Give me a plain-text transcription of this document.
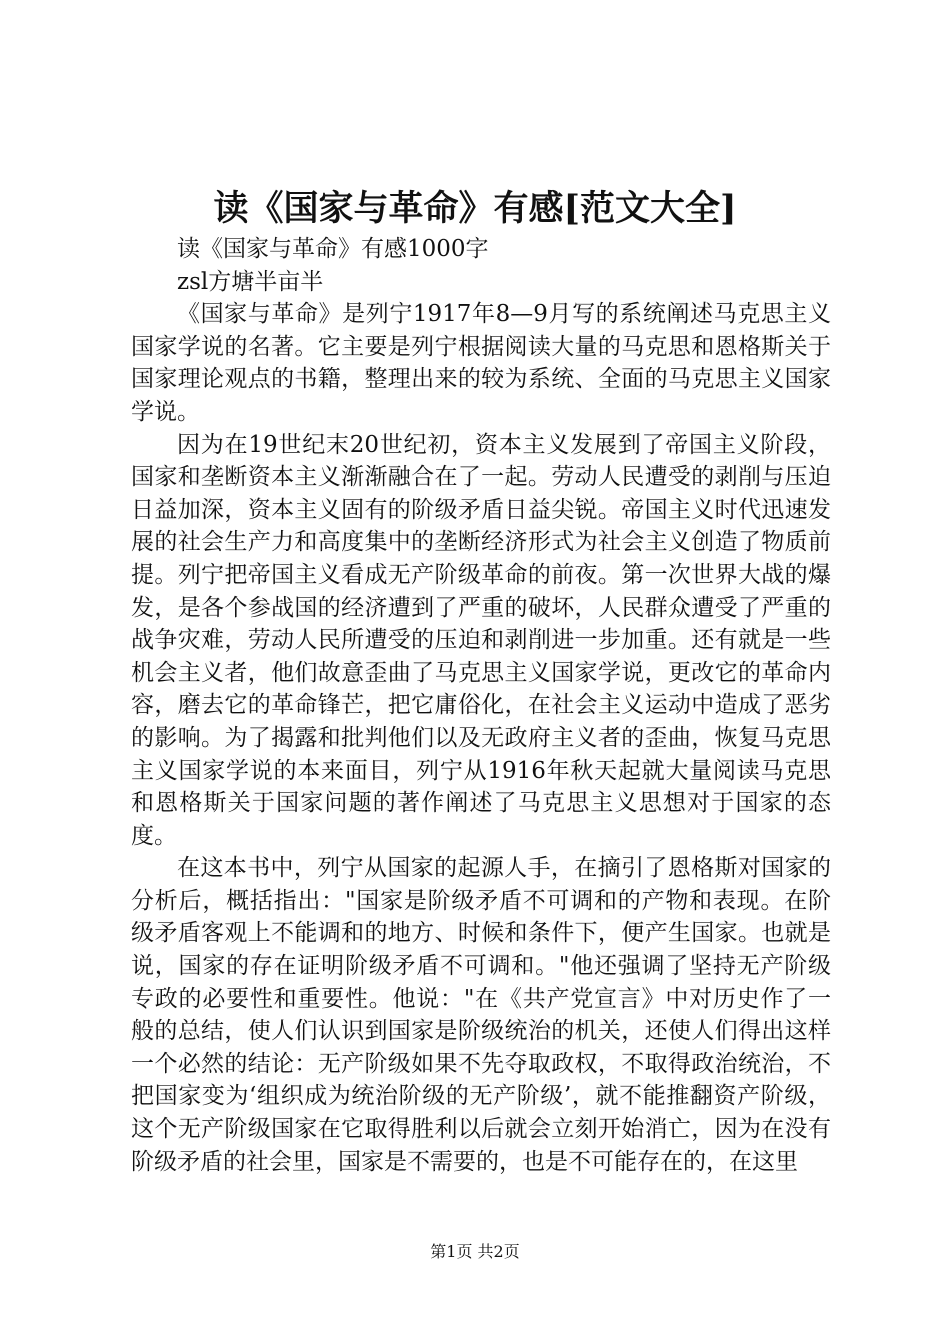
读《国家与革命》有感[范文大全]

读《国家与革命》有感1000字

zsl方塘半亩半

《国家与革命》是列宁1917年8—9月写的系统阐述马克思主义国家学说的名著。它主要是列宁根据阅读大量的马克思和恩格斯关于国家理论观点的书籍，整理出来的较为系统、全面的马克思主义国家学说。

因为在19世纪末20世纪初，资本主义发展到了帝国主义阶段，国家和垄断资本主义渐渐融合在了一起。劳动人民遭受的剥削与压迫日益加深，资本主义固有的阶级矛盾日益尖锐。帝国主义时代迅速发展的社会生产力和高度集中的垄断经济形式为社会主义创造了物质前提。列宁把帝国主义看成无产阶级革命的前夜。第一次世界大战的爆发，是各个参战国的经济遭到了严重的破坏，人民群众遭受了严重的战争灾难，劳动人民所遭受的压迫和剥削进一步加重。还有就是一些机会主义者，他们故意歪曲了马克思主义国家学说，更改它的革命内容，磨去它的革命锋芒，把它庸俗化，在社会主义运动中造成了恶劣的影响。为了揭露和批判他们以及无政府主义者的歪曲，恢复马克思主义国家学说的本来面目，列宁从1916年秋天起就大量阅读马克思和恩格斯关于国家问题的著作阐述了马克思主义思想对于国家的态度。

在这本书中，列宁从国家的起源人手，在摘引了恩格斯对国家的分析后，概括指出："国家是阶级矛盾不可调和的产物和表现。在阶级矛盾客观上不能调和的地方、时候和条件下，便产生国家。也就是说，国家的存在证明阶级矛盾不可调和。"他还强调了坚持无产阶级专政的必要性和重要性。他说："在《共产党宣言》中对历史作了一般的总结，使人们认识到国家是阶级统治的机关，还使人们得出这样一个必然的结论：无产阶级如果不先夺取政权，不取得政治统治，不把国家变为‘组织成为统治阶级的无产阶级’，就不能推翻资产阶级，这个无产阶级国家在它取得胜利以后就会立刻开始消亡，因为在没有阶级矛盾的社会里，国家是不需要的，也是不可能存在的，在这里

第1页 共2页
